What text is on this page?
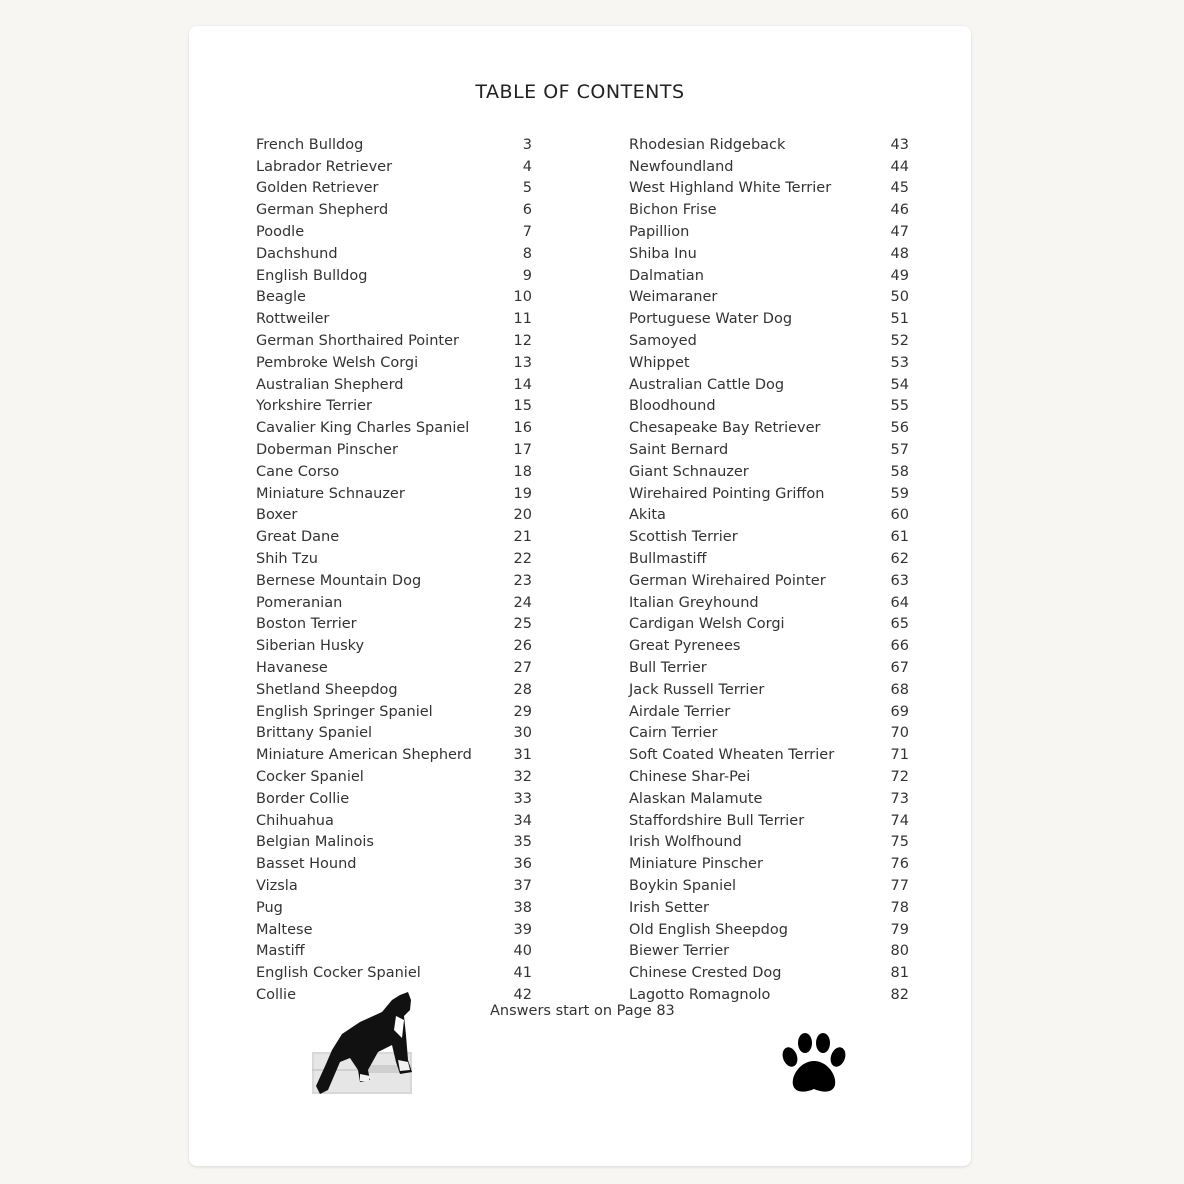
TABLE OF CONTENTS
French Bulldog	3
Labrador Retriever	4
Golden Retriever	5
German Shepherd	6
Poodle	7
Dachshund	8
English Bulldog	9
Beagle	10
Rottweiler	11
German Shorthaired Pointer	12
Pembroke Welsh Corgi	13
Australian Shepherd	14
Yorkshire Terrier	15
Cavalier King Charles Spaniel	16
Doberman Pinscher	17
Cane Corso	18
Miniature Schnauzer	19
Boxer	20
Great Dane	21
Shih Tzu	22
Bernese Mountain Dog	23
Pomeranian	24
Boston Terrier	25
Siberian Husky	26
Havanese	27
Shetland Sheepdog	28
English Springer Spaniel	29
Brittany Spaniel	30
Miniature American Shepherd	31
Cocker Spaniel	32
Border Collie	33
Chihuahua	34
Belgian Malinois	35
Basset Hound	36
Vizsla	37
Pug	38
Maltese	39
Mastiff	40
English Cocker Spaniel	41
Collie	42
Rhodesian Ridgeback	43
Newfoundland	44
West Highland White Terrier	45
Bichon Frise	46
Papillion	47
Shiba Inu	48
Dalmatian	49
Weimaraner	50
Portuguese Water Dog	51
Samoyed	52
Whippet	53
Australian Cattle Dog	54
Bloodhound	55
Chesapeake Bay Retriever	56
Saint Bernard	57
Giant Schnauzer	58
Wirehaired Pointing Griffon	59
Akita	60
Scottish Terrier	61
Bullmastiff	62
German Wirehaired Pointer	63
Italian Greyhound	64
Cardigan Welsh Corgi	65
Great Pyrenees	66
Bull Terrier	67
Jack Russell Terrier	68
Airdale Terrier	69
Cairn Terrier	70
Soft Coated Wheaten Terrier	71
Chinese Shar-Pei	72
Alaskan Malamute	73
Staffordshire Bull Terrier	74
Irish Wolfhound	75
Miniature Pinscher	76
Boykin Spaniel	77
Irish Setter	78
Old English Sheepdog	79
Biewer Terrier	80
Chinese Crested Dog	81
Lagotto Romagnolo	82
Answers start on Page 83
